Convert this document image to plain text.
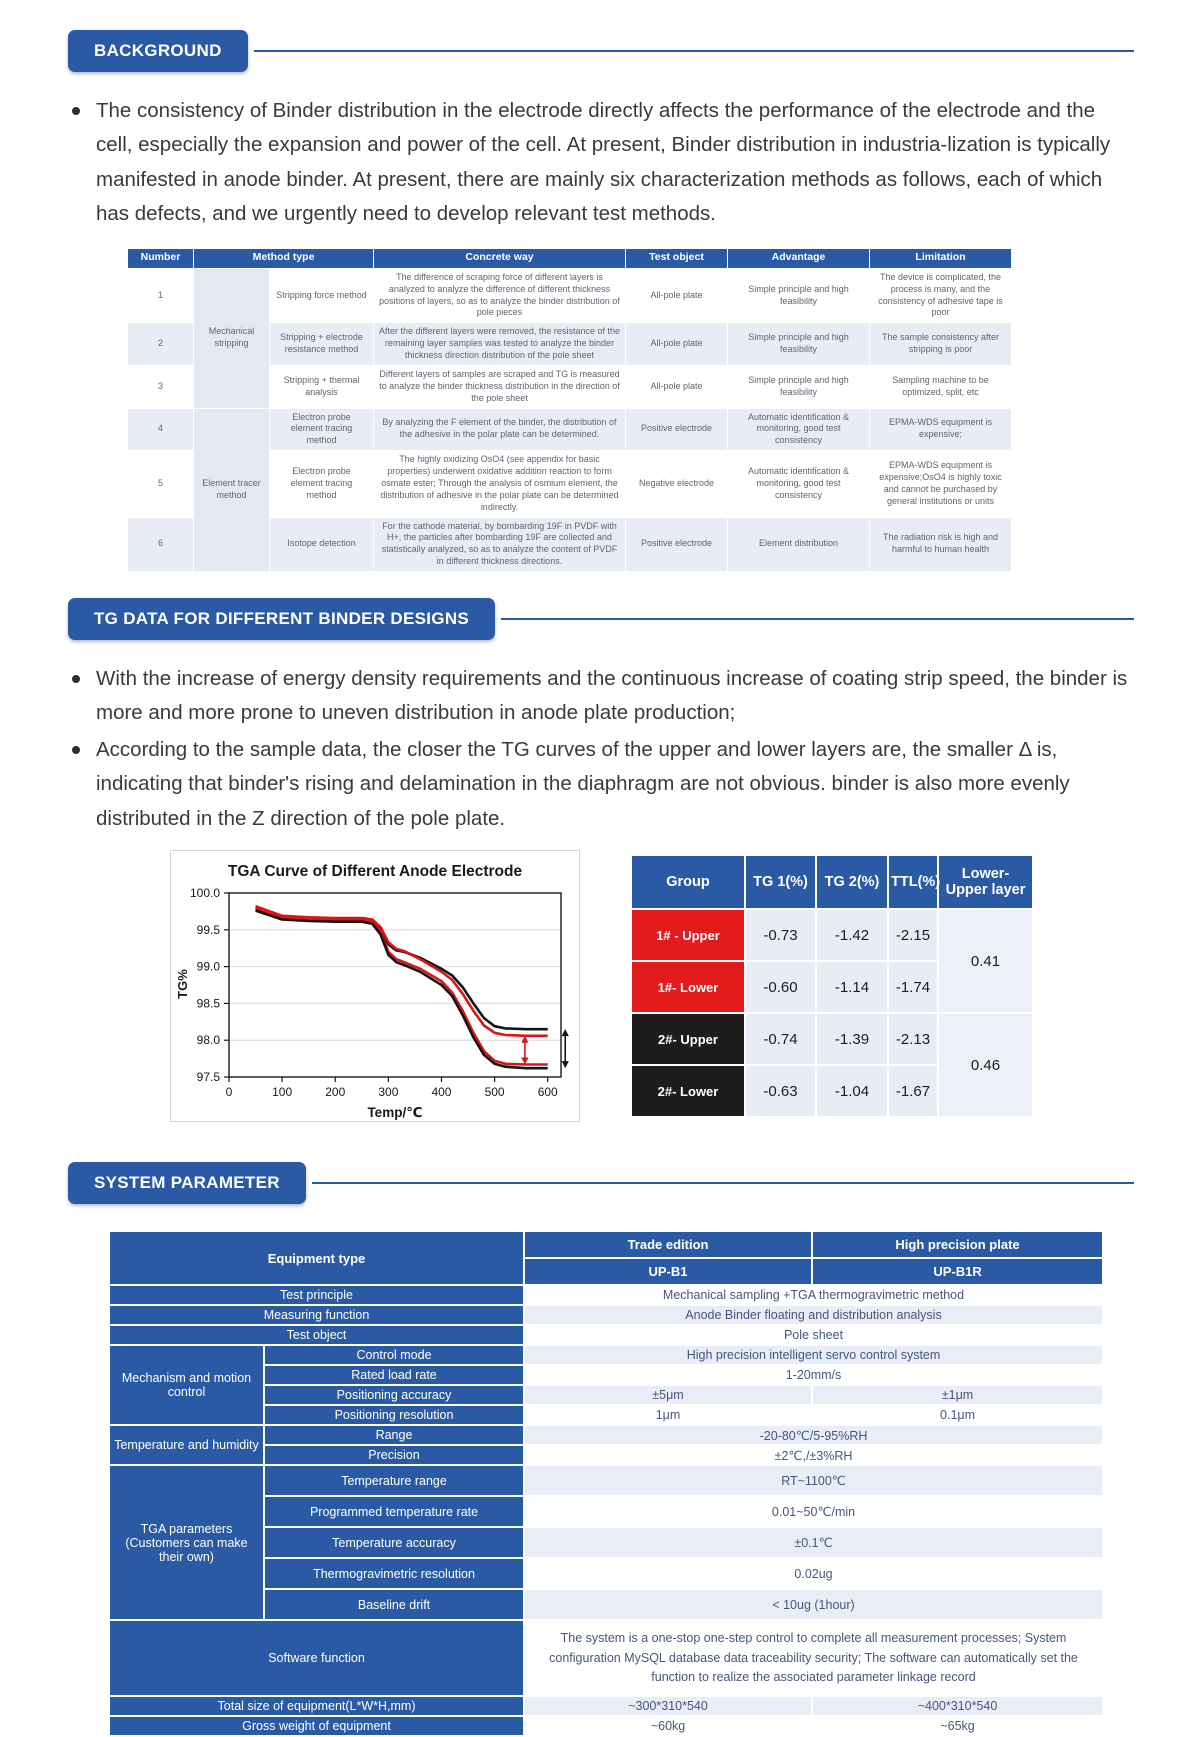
BACKGROUND
The consistency of Binder distribution in the electrode directly affects the performance of the electrode and the cell, especially the expansion and power of the cell. At present, Binder distribution in industria-lization is typically manifested in anode binder. At present, there are mainly six characterization methods as follows, each of which has defects, and we urgently need to develop relevant test methods.
Number	Method type		Concrete way	Test object	Advantage	Limitation
1	Mechanical stripping	Stripping force method	The difference of scraping force of different layers is analyzed to analyze the difference of different thickness positions of layers, so as to analyze the binder distribution of pole pieces	All-pole plate	Simple principle and high feasibility	The device is complicated, the process is many, and the consistency of adhesive tape is poor
2		Stripping + electrode resistance method	After the different layers were removed, the resistance of the remaining layer samples was tested to analyze the binder thickness direction distribution of the pole sheet	All-pole plate	Simple principle and high feasibility	The sample consistency after stripping is poor
3		Stripping + thermal analysis	Different layers of samples are scraped and TG is measured to analyze the binder thickness distribution in the direction of the pole sheet	All-pole plate	Simple principle and high feasibility	Sampling machine to be optimized, split, etc
4	Element tracer method	Electron probe element tracing method	By analyzing the F element of the binder, the distribution of the adhesive in the polar plate can be determined.	Positive electrode	Automatic identification & monitoring, good test consistency	EPMA-WDS equipment is expensive;
5		Electron probe element tracing method	The highly oxidizing OsO4 (see appendix for basic properties) underwent oxidative addition reaction to form osmate ester; Through the analysis of osmium element, the distribution of adhesive in the polar plate can be determined indirectly.	Negative electrode	Automatic identification & monitoring, good test consistency	EPMA-WDS equipment is expensive;OsO4 is highly toxic and cannot be purchased by general institutions or units
6		Isotope detection	For the cathode material, by bombarding 19F in PVDF with H+, the particles after bombarding 19F are collected and statistically analyzed, so as to analyze the content of PVDF in different thickness directions.	Positive electrode	Element distribution	The radiation risk is high and harmful to human health
TG DATA FOR DIFFERENT BINDER DESIGNS
With the increase of energy density requirements and the continuous increase of coating strip speed, the binder is more and more prone to uneven distribution in anode plate production;
According to the sample data, the closer the TG curves of the upper and lower layers are, the smaller Δ is, indicating that binder's rising and delamination in the diaphragm are not obvious. binder is also more evenly distributed in the Z direction of the pole plate.
TGA Curve of Different Anode Electrode
TG%
Temp/℃
100.0
99.5
99.0
98.5
98.0
97.5
0	100	200	300	400	500	600
Group	TG 1(%)	TG 2(%)	TTL(%)	Lower-Upper layer
1# - Upper	-0.73	-1.42	-2.15	0.41
1#- Lower	-0.60	-1.14	-1.74	
2#- Upper	-0.74	-1.39	-2.13	0.46
2#- Lower	-0.63	-1.04	-1.67	
SYSTEM PARAMETER
Equipment type		Trade edition	High precision plate
		UP-B1	UP-B1R
Test principle		Mechanical sampling +TGA thermogravimetric method	
Measuring function		Anode Binder floating and distribution analysis	
Test object		Pole sheet	
Mechanism and motion control	Control mode	High precision intelligent servo control system	
	Rated load rate	1-20mm/s	
	Positioning accuracy	±5μm	±1μm
	Positioning resolution	1μm	0.1μm
Temperature and humidity	Range	-20-80℃/5-95%RH	
	Precision	±2℃,/±3%RH	
TGA parameters (Customers can make their own)	Temperature range	RT~1100℃	
	Programmed temperature rate	0.01~50℃/min	
	Temperature accuracy	±0.1℃	
	Thermogravimetric resolution	0.02ug	
	Baseline drift	< 10ug (1hour)	
Software function		The system is a one-stop one-step control to complete all measurement processes; System configuration MySQL database data traceability security; The software can automatically set the function to realize the associated parameter linkage record	
Total size of equipment(L*W*H,mm)		~300*310*540	~400*310*540
Gross weight of equipment		~60kg	~65kg
